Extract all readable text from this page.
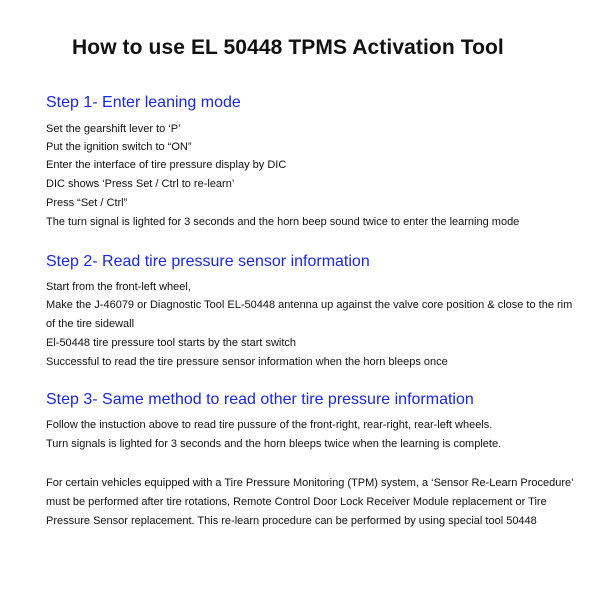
How to use EL 50448 TPMS Activation Tool
Step 1- Enter leaning mode
Set the gearshift lever to ‘P’
Put the ignition switch to “ON”
Enter the interface of tire pressure display by DIC
DIC shows ‘Press Set / Ctrl to re-learn’
Press “Set / Ctrl”
The turn signal is lighted for 3 seconds and the horn beep sound twice to enter the learning mode
Step 2- Read tire pressure sensor information
Start from the front-left wheel,
Make the J-46079 or Diagnostic Tool EL-50448 antenna up against the valve core position & close to the rim
of the tire sidewall
El-50448 tire pressure tool starts by the start switch
Successful to read the tire pressure sensor information when the horn bleeps once
Step 3- Same method to read other tire pressure information
Follow the instuction above to read tire pussure of the front-right, rear-right, rear-left wheels.
Turn signals is lighted for 3 seconds and the horn bleeps twice when the learning is complete.
For certain vehicles equipped with a Tire Pressure Monitoring (TPM) system, a ‘Sensor Re-Learn Procedure’
must be performed after tire rotations, Remote Control Door Lock Receiver Module replacement or Tire
Pressure Sensor replacement. This re-learn procedure can be performed by using special tool 50448
